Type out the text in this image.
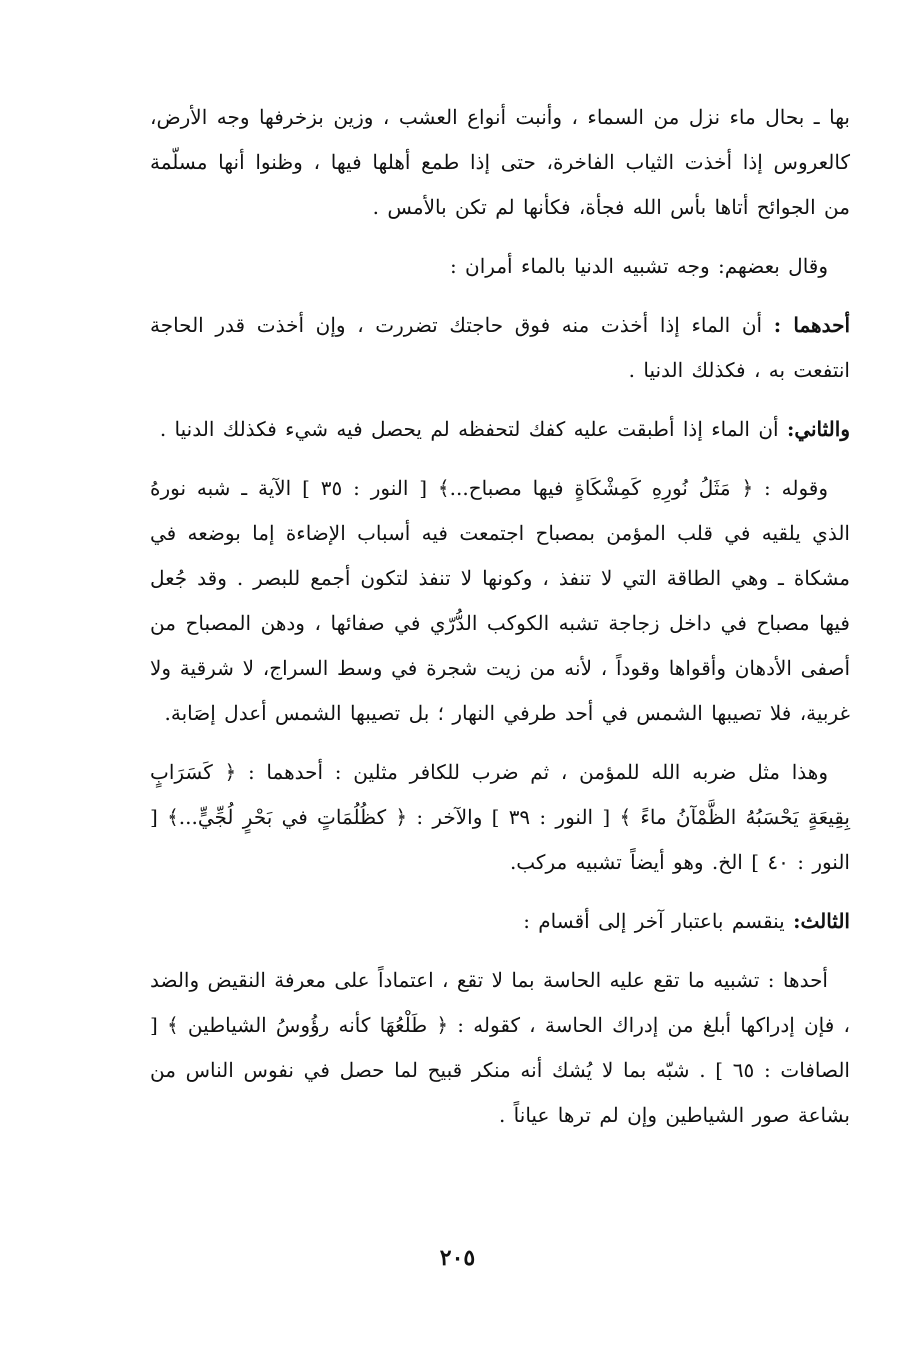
بها ـ بحال ماء نزل من السماء ، وأنبت أنواع العشب ، وزين بزخرفها وجه الأرض، كالعروس إذا أخذت الثياب الفاخرة، حتى إذا طمع أهلها فيها ، وظنوا أنها مسلّمة من الجوائح أتاها بأس الله فجأة، فكأنها لم تكن بالأمس .

وقال بعضهم: وجه تشبيه الدنيا بالماء أمران :

أحدهما : أن الماء إذا أخذت منه فوق حاجتك تضررت ، وإن أخذت قدر الحاجة انتفعت به ، فكذلك الدنيا .

والثاني: أن الماء إذا أطبقت عليه كفك لتحفظه لم يحصل فيه شيء فكذلك الدنيا .

وقوله : ﴿ مَثَلُ نُورِهِ كَمِشْكَاةٍ فيها مصباح...﴾ [ النور : ٣٥ ] الآية ـ شبه نورهُ الذي يلقيه في قلب المؤمن بمصباح اجتمعت فيه أسباب الإضاءة إما بوضعه في مشكاة ـ وهي الطاقة التي لا تنفذ ، وكونها لا تنفذ لتكون أجمع للبصر . وقد جُعل فيها مصباح في داخل زجاجة تشبه الكوكب الدُّرّي في صفائها ، ودهن المصباح من أصفى الأدهان وأقواها وقوداً ، لأنه من زيت شجرة في وسط السراج، لا شرقية ولا غربية، فلا تصيبها الشمس في أحد طرفي النهار ؛ بل تصيبها الشمس أعدل إصَابة.

وهذا مثل ضربه الله للمؤمن ، ثم ضرب للكافر مثلين : أحدهما : ﴿ كَسَرَابٍ بِقِيعَةٍ يَحْسَبُهُ الظَّمْآنُ ماءً ﴾ [ النور : ٣٩ ] والآخر : ﴿ كظُلُمَاتٍ في بَحْرٍ لُجِّيٍّ...﴾ [ النور : ٤٠ ] الخ. وهو أيضاً تشبيه مركب.

الثالث: ينقسم باعتبار آخر إلى أقسام :

أحدها : تشبيه ما تقع عليه الحاسة بما لا تقع ، اعتماداً على معرفة النقيض والضد ، فإن إدراكها أبلغ من إدراك الحاسة ، كقوله : ﴿ طَلْعُهَا كأنه رؤُوسُ الشياطين ﴾ [ الصافات : ٦٥ ] . شبّه بما لا يُشك أنه منكر قبيح لما حصل في نفوس الناس من بشاعة صور الشياطين وإن لم ترها عياناً .

٢٠٥
